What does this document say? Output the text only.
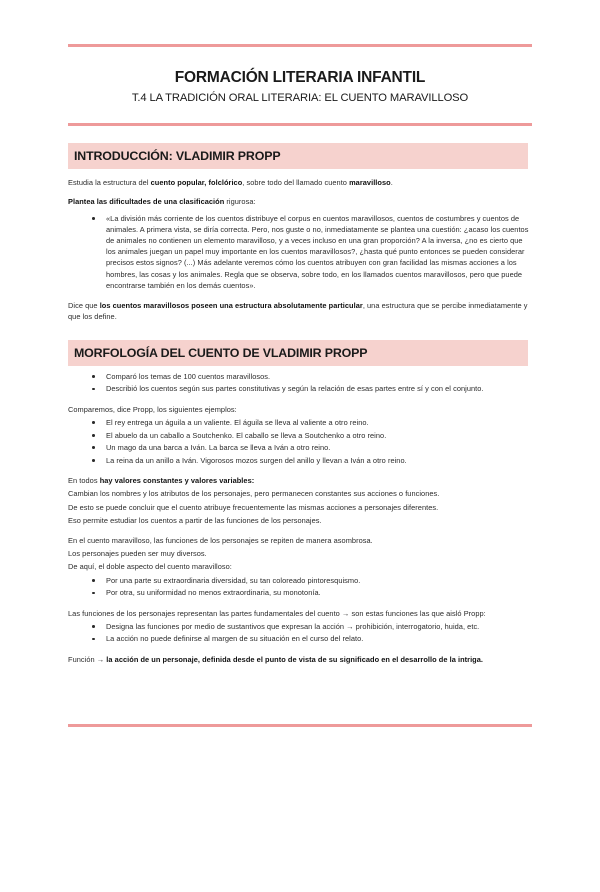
FORMACIÓN LITERARIA INFANTIL
T.4 LA TRADICIÓN ORAL LITERARIA: EL CUENTO MARAVILLOSO
INTRODUCCIÓN: VLADIMIR PROPP
Estudia la estructura del cuento popular, folclórico, sobre todo del llamado cuento maravilloso.
Plantea las dificultades de una clasificación rigurosa:
«La división más corriente de los cuentos distribuye el corpus en cuentos maravillosos, cuentos de costumbres y cuentos de animales. A primera vista, se diría correcta. Pero, nos guste o no, inmediatamente se plantea una cuestión: ¿acaso los cuentos de animales no contienen un elemento maravilloso, y a veces incluso en una gran proporción? A la inversa, ¿no es cierto que los animales juegan un papel muy importante en los cuentos maravillosos?, ¿hasta qué punto entonces se pueden considerar precisos estos signos? (...) Más adelante veremos cómo los cuentos atribuyen con gran facilidad las mismas acciones a los hombres, las cosas y los animales. Regla que se observa, sobre todo, en los llamados cuentos maravillosos, pero que puede encontrarse también en los demás cuentos».
Dice que los cuentos maravillosos poseen una estructura absolutamente particular, una estructura que se percibe inmediatamente y que los define.
MORFOLOGÍA DEL CUENTO DE VLADIMIR PROPP
Comparó los temas de 100 cuentos maravillosos.
Describió los cuentos según sus partes constitutivas y según la relación de esas partes entre sí y con el conjunto.
Comparemos, dice Propp, los siguientes ejemplos:
El rey entrega un águila a un valiente. El águila se lleva al valiente a otro reino.
El abuelo da un caballo a Soutchenko. El caballo se lleva a Soutchenko a otro reino.
Un mago da una barca a Iván. La barca se lleva a Iván a otro reino.
La reina da un anillo a Iván. Vigorosos mozos surgen del anillo y llevan a Iván a otro reino.
En todos hay valores constantes y valores variables:
Cambian los nombres y los atributos de los personajes, pero permanecen constantes sus acciones o funciones.
De esto se puede concluir que el cuento atribuye frecuentemente las mismas acciones a personajes diferentes.
Eso permite estudiar los cuentos a partir de las funciones de los personajes.
En el cuento maravilloso, las funciones de los personajes se repiten de manera asombrosa.
Los personajes pueden ser muy diversos.
De aquí, el doble aspecto del cuento maravilloso:
Por una parte su extraordinaria diversidad, su tan coloreado pintoresquismo.
Por otra, su uniformidad no menos extraordinaria, su monotonía.
Las funciones de los personajes representan las partes fundamentales del cuento → son estas funciones las que aisló Propp:
Designa las funciones por medio de sustantivos que expresan la acción → prohibición, interrogatorio, huida, etc.
La acción no puede definirse al margen de su situación en el curso del relato.
Función → la acción de un personaje, definida desde el punto de vista de su significado en el desarrollo de la intriga.
